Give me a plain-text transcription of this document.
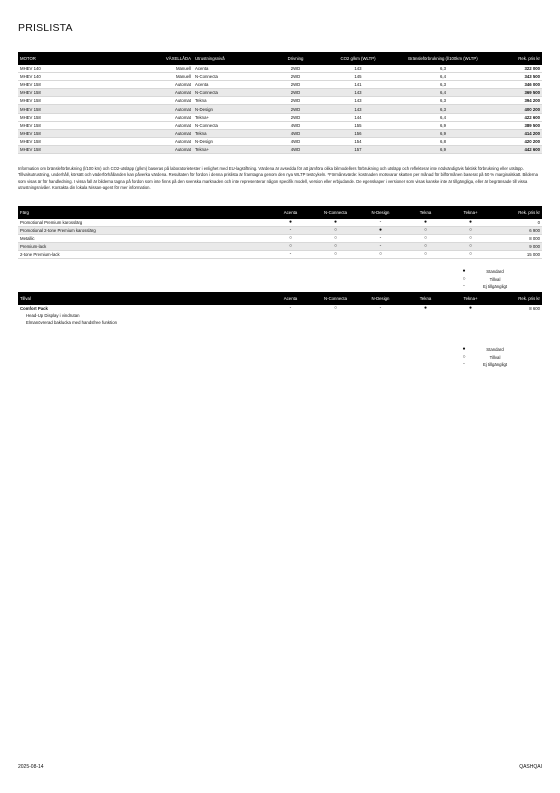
PRISLISTA
MOTOR	VÄXELLÅDA	Utrustningsnivå	Drivning	CO2 g/km (WLTP)	Bränsleförbrukning (l/100km (WLTP)	Rek. pris kr
MHEV 140	Manuell	Acenta	2WD	143	6,3	322 000
MHEV 140	Manuell	N-Connecta	2WD	145	6,4	343 500
MHEV 158	Automat	Acenta	2WD	141	6,3	346 000
MHEV 158	Automat	N-Connecta	2WD	143	6,4	369 500
MHEV 158	Automat	Tekna	2WD	143	6,3	394 200
MHEV 158	Automat	N-Design	2WD	143	6,3	400 200
MHEV 158	Automat	Tekna+	2WD	144	6,4	422 600
MHEV 158	Automat	N-Connecta	4WD	155	6,9	389 500
MHEV 158	Automat	Tekna	4WD	156	6,9	414 200
MHEV 158	Automat	N-Design	4WD	154	6,8	420 200
MHEV 158	Automat	Tekna+	4WD	157	6,9	442 600
Information om bränsleförbrukning (l/100 km) och CO2-utsläpp (g/km) baseras på laboratorietester i enlighet med EU-lagstiftning. Värdena är avsedda för att jämföra olika bilmodellers förbrukning och utsläpp och reflekterar inte nödvändigtvis faktisk förbrukning eller utsläpp. Tillvalsutrustning, underhåll, körsätt och väderförhållanden kan påverka värdena. Resultaten för fordon i denna prislista är framtagna genom den nya WLTP testcykeln. *Förmånsvärde: kostnaden motsvarar skatten per månad för bilförmånen baserat på 50 % marginalskatt. Bilderna som visas är för handledning. I vissa fall är bilderna tagna på fordon som inte finns på den svenska marknaden och inte representerar någon specifik modell, version eller erbjudande. De egenskaper i versioner som visas kanske inte är tillgängliga, eller är begränsade till vissa utrustningsnivåer. Kontakta din lokala Nissan-agent för mer information.
Färg	Acenta	N-Connecta	N-Design	Tekna	Tekna+	Rek. pris kr
Promotional Premium karosslärg	●	●	-	●	●	0
Promotional 2-tone Premium karosslärg	-	○	●	○	○	6 900
Metallic	○	○	-	○	○	8 000
Premium-lack	○	○	-	○	○	9 000
2-tone Premium-lack	-	○	○	○	○	15 000
●	Standard
○	Tillval
-	Ej tillgängligt
Tillval	Acenta	N-Connecta	N-Design	Tekna	Tekna+	Rek. pris kr
Comfort Pack	-	○	-	●	●	8 600
Head-Up Display i vindrutan						
Elmanövrerad bakluckа med handsfree funktion						
●	Standard
○	Tillval
-	Ej tillgängligt
2025-08-14	QASHQAI
